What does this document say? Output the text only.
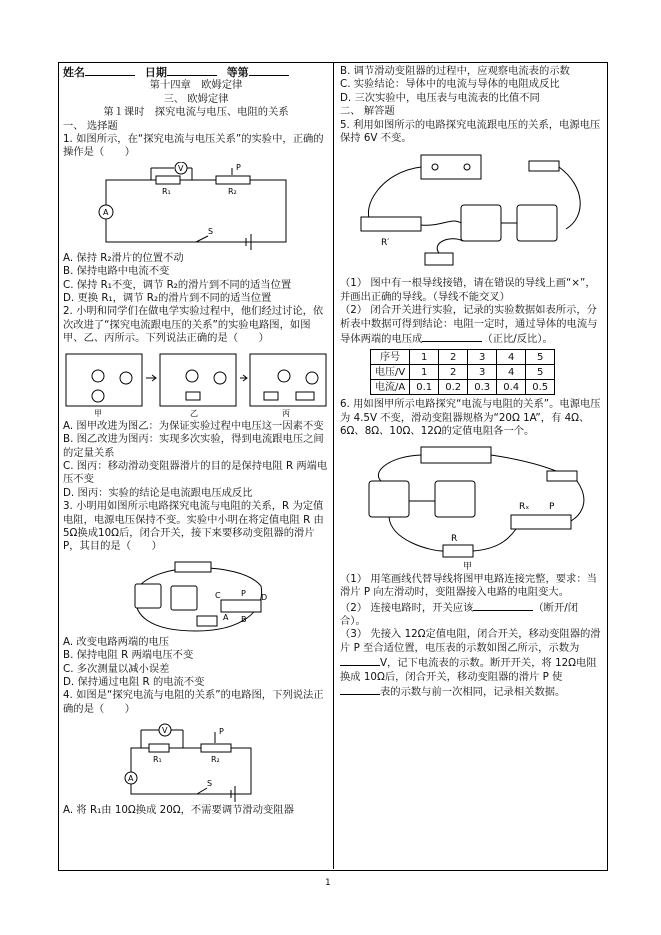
姓名	日期	等第

第十四章　欧姆定律

三、 欧姆定律

第１课时　探究电流与电压、电阻的关系

一、 选择题

1. 如图所示，在“探究电流与电压关系”的实验中，正确的操作是（　　）

V
A
R₁	R₂
P
S

A. 保持 R₂滑片的位置不动

B. 保持电路中电流不变

C. 保持 R₁不变，调节 R₂的滑片到不同的适当位置

D. 更换 R₁，调节 R₂的滑片到不同的适当位置

2. 小明和同学们在做电学实验过程中，他们经过讨论，依次改进了“探究电流跟电压的关系”的实验电路图，如图甲、乙、丙所示。下列说法正确的是（　　）

甲	乙	丙

A. 图甲改进为图乙：为保证实验过程中电压这一因素不变

B. 图乙改进为图丙：实现多次实验，得到电流跟电压之间的定量关系

C. 图丙：移动滑动变阻器滑片的目的是保持电阻 R 两端电压不变

D. 图丙：实验的结论是电流跟电压成反比

3. 小明用如图所示电路探究电流与电阻的关系，R 为定值电阻，电源电压保持不变。实验中小明在将定值电阻 R 由5Ω换成10Ω后，闭合开关，接下来要移动变阻器的滑片 P，其目的是（　　）

C	P D
A B

A. 改变电路两端的电压

B. 保持电阻 R 两端电压不变

C. 多次测量以减小误差

D. 保持通过电阻 R 的电流不变

4. 如图是“探究电流与电阻的关系”的电路图，下列说法正确的是（　　）

V
A
R₁	R₂
P
S

A. 将 R₁由 10Ω换成 20Ω，不需要调节滑动变阻器

B. 调节滑动变阻器的过程中，应观察电流表的示数

C. 实验结论：导体中的电流与导体的电阻成反比

D. 三次实验中，电压表与电流表的比值不同

二、 解答题

5. 利用如图所示的电路探究电流跟电压的关系，电源电压保持 6V 不变。

R′

（1） 图中有一根导线接错，请在错误的导线上画“×”，并画出正确的导线。（导线不能交叉）

（2） 闭合开关进行实验，记录的实验数据如表所示，分析表中数据可得到结论：电阻一定时，通过导体的电流与导体两端的电压成	（正比/反比）。

序号	1	2	3	4	5
电压/V	1	2	3	4	5
电流/A	0.1	0.2	0.3	0.4	0.5

6. 用如图甲所示电路探究“电流与电阻的关系”。电源电压为 4.5V 不变，滑动变阻器规格为“20Ω 1A”，有 4Ω、6Ω、8Ω、10Ω、12Ω的定值电阻各一个。

Rₓ P
R
甲

（1） 用笔画线代替导线将图甲电路连接完整，要求：当滑片 P 向左滑动时，变阻器接入电路的电阻变大。

（2） 连接电路时，开关应该	（断开/闭合）。

（3） 先接入 12Ω定值电阻，闭合开关，移动变阻器的滑片 P 至合适位置，电压表的示数如图乙所示，示数为V，记下电流表的示数。断开开关，将 12Ω电阻换成 10Ω后，闭合开关，移动变阻器的滑片 P 使表的示数与前一次相同，记录相关数据。

1
